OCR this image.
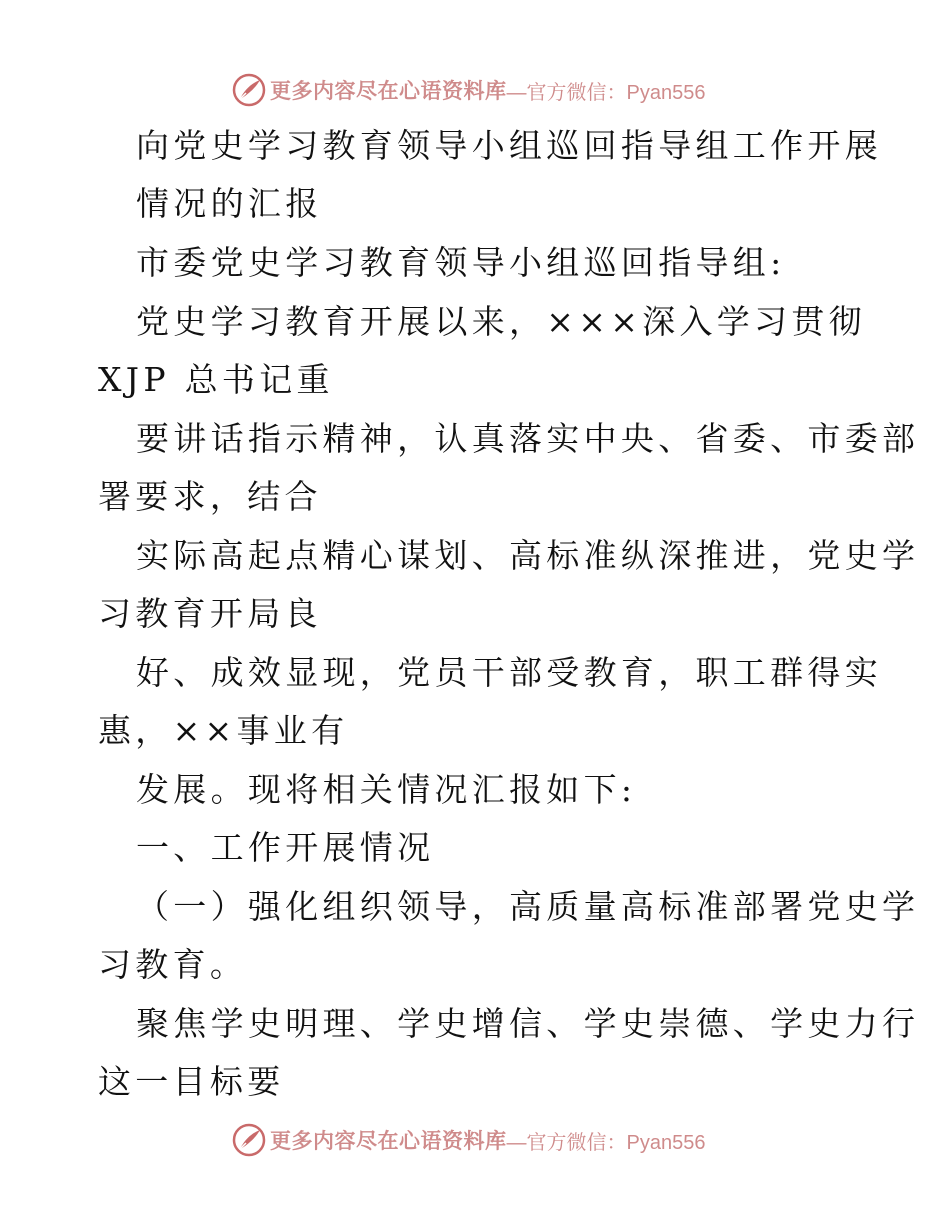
更多内容尽在心语资料库 —官方微信：Pyan556
向党史学习教育领导小组巡回指导组工作开展
情况的汇报
市委党史学习教育领导小组巡回指导组:
党史学习教育开展以来，×××深入学习贯彻
XJP 总书记重
要讲话指示精神，认真落实中央、省委、市委部
署要求，结合
实际高起点精心谋划、高标准纵深推进，党史学
习教育开局良
好、成效显现，党员干部受教育，职工群得实
惠，××事业有
发展。现将相关情况汇报如下:
一、工作开展情况
（一）强化组织领导，高质量高标准部署党史学
习教育。
聚焦学史明理、学史增信、学史崇德、学史力行
这一目标要
更多内容尽在心语资料库 —官方微信：Pyan556
